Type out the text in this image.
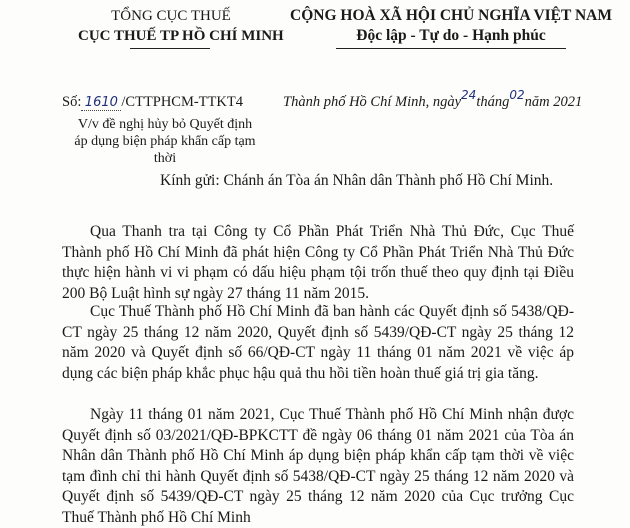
TỔNG CỤC THUẾ
CỤC THUẾ TP HỒ CHÍ MINH
CỘNG HOÀ XÃ HỘI CHỦ NGHĨA VIỆT NAM
Độc lập - Tự do - Hạnh phúc
Số: 1610 /CTTPHCM-TTKT4	Thành phố Hồ Chí Minh, ngày24tháng02năm 2021
V/v đề nghị hủy bỏ Quyết định áp dụng biện pháp khẩn cấp tạm thời
Kính gửi: Chánh án Tòa án Nhân dân Thành phố Hồ Chí Minh.
Qua Thanh tra tại Công ty Cổ Phần Phát Triển Nhà Thủ Đức, Cục Thuế Thành phố Hồ Chí Minh đã phát hiện Công ty Cổ Phần Phát Triển Nhà Thủ Đức thực hiện hành vi vi phạm có dấu hiệu phạm tội trốn thuế theo quy định tại Điều 200 Bộ Luật hình sự ngày 27 tháng 11 năm 2015.
Cục Thuế Thành phố Hồ Chí Minh đã ban hành các Quyết định số 5438/QĐ-CT ngày 25 tháng 12 năm 2020, Quyết định số 5439/QĐ-CT ngày 25 tháng 12 năm 2020 và Quyết định số 66/QĐ-CT ngày 11 tháng 01 năm 2021 về việc áp dụng các biện pháp khắc phục hậu quả thu hồi tiền hoàn thuế giá trị gia tăng.
Ngày 11 tháng 01 năm 2021, Cục Thuế Thành phố Hồ Chí Minh nhận được Quyết định số 03/2021/QĐ-BPKCTT đề ngày 06 tháng 01 năm 2021 của Tòa án Nhân dân Thành phố Hồ Chí Minh áp dụng biện pháp khẩn cấp tạm thời về việc tạm đình chỉ thi hành Quyết định số 5438/QĐ-CT ngày 25 tháng 12 năm 2020 và Quyết định số 5439/QĐ-CT ngày 25 tháng 12 năm 2020 của Cục trưởng Cục Thuế Thành phố Hồ Chí Minh
